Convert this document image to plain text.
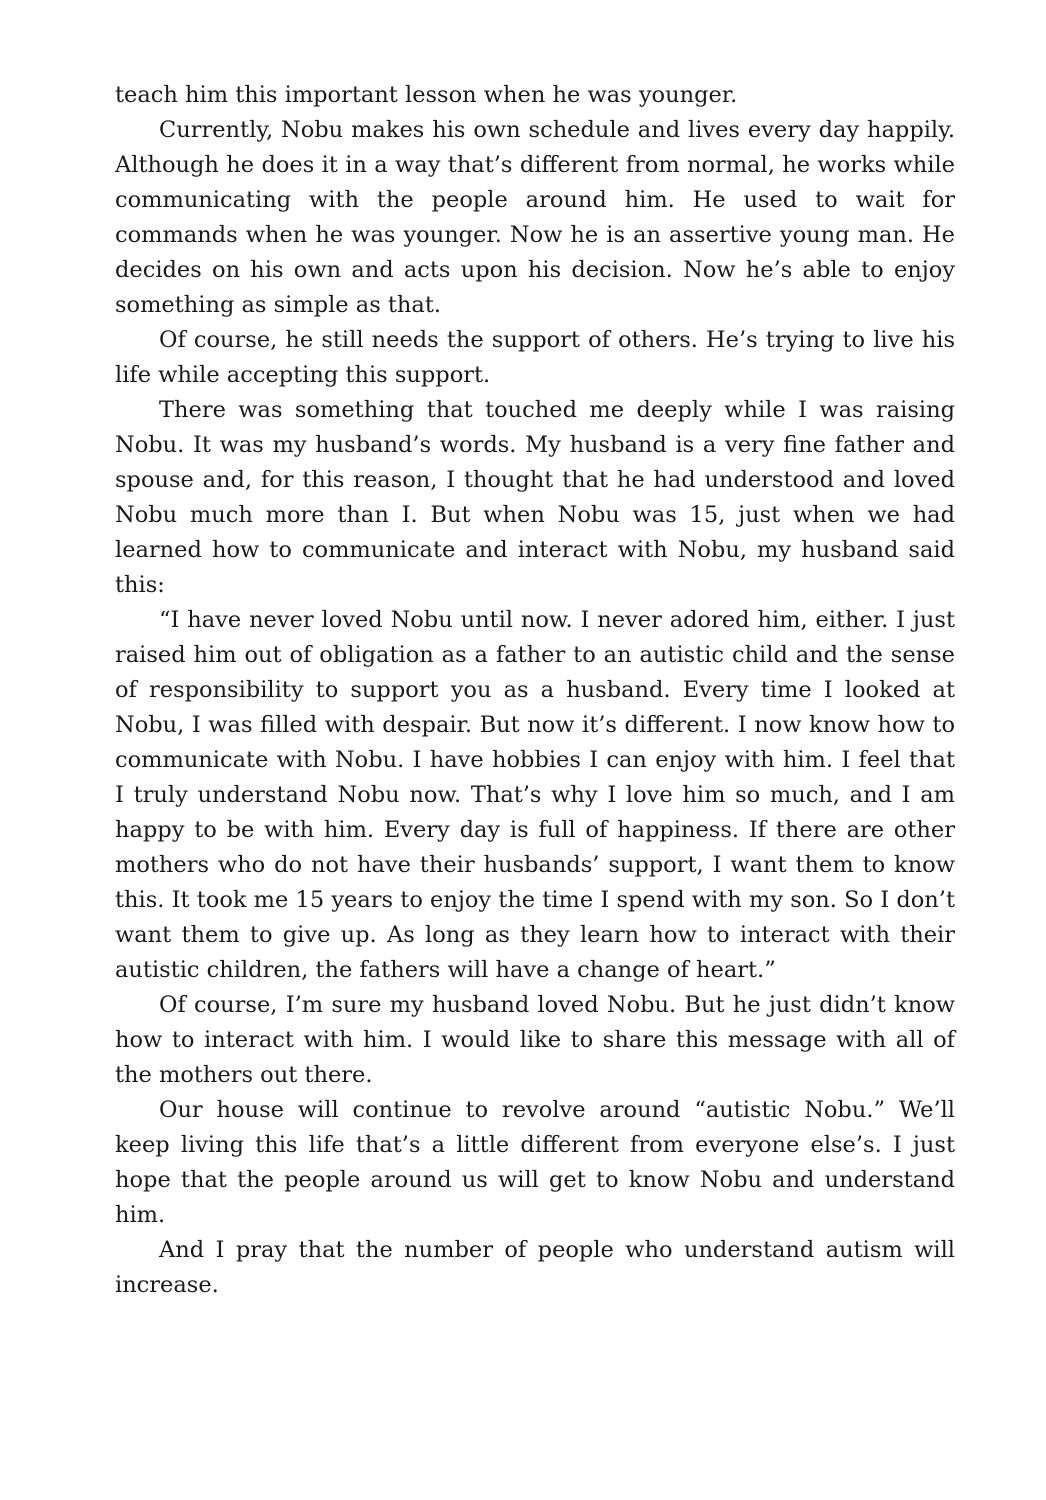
teach him this important lesson when he was younger.

Currently, Nobu makes his own schedule and lives every day happily. Although he does it in a way that’s different from normal, he works while communicating with the people around him. He used to wait for commands when he was younger. Now he is an assertive young man. He decides on his own and acts upon his decision. Now he’s able to enjoy something as simple as that.

Of course, he still needs the support of others. He’s trying to live his life while accepting this support.

There was something that touched me deeply while I was raising Nobu. It was my husband’s words. My husband is a very fine father and spouse and, for this reason, I thought that he had understood and loved Nobu much more than I. But when Nobu was 15, just when we had learned how to communicate and interact with Nobu, my husband said this:

“I have never loved Nobu until now. I never adored him, either. I just raised him out of obligation as a father to an autistic child and the sense of responsibility to support you as a husband. Every time I looked at Nobu, I was filled with despair. But now it’s different. I now know how to communicate with Nobu. I have hobbies I can enjoy with him. I feel that I truly understand Nobu now. That’s why I love him so much, and I am happy to be with him. Every day is full of happiness. If there are other mothers who do not have their husbands’ support, I want them to know this. It took me 15 years to enjoy the time I spend with my son. So I don’t want them to give up. As long as they learn how to interact with their autistic children, the fathers will have a change of heart.”

Of course, I’m sure my husband loved Nobu. But he just didn’t know how to interact with him. I would like to share this message with all of the mothers out there.

Our house will continue to revolve around “autistic Nobu.” We’ll keep living this life that’s a little different from everyone else’s. I just hope that the people around us will get to know Nobu and understand him.

And I pray that the number of people who understand autism will increase.
